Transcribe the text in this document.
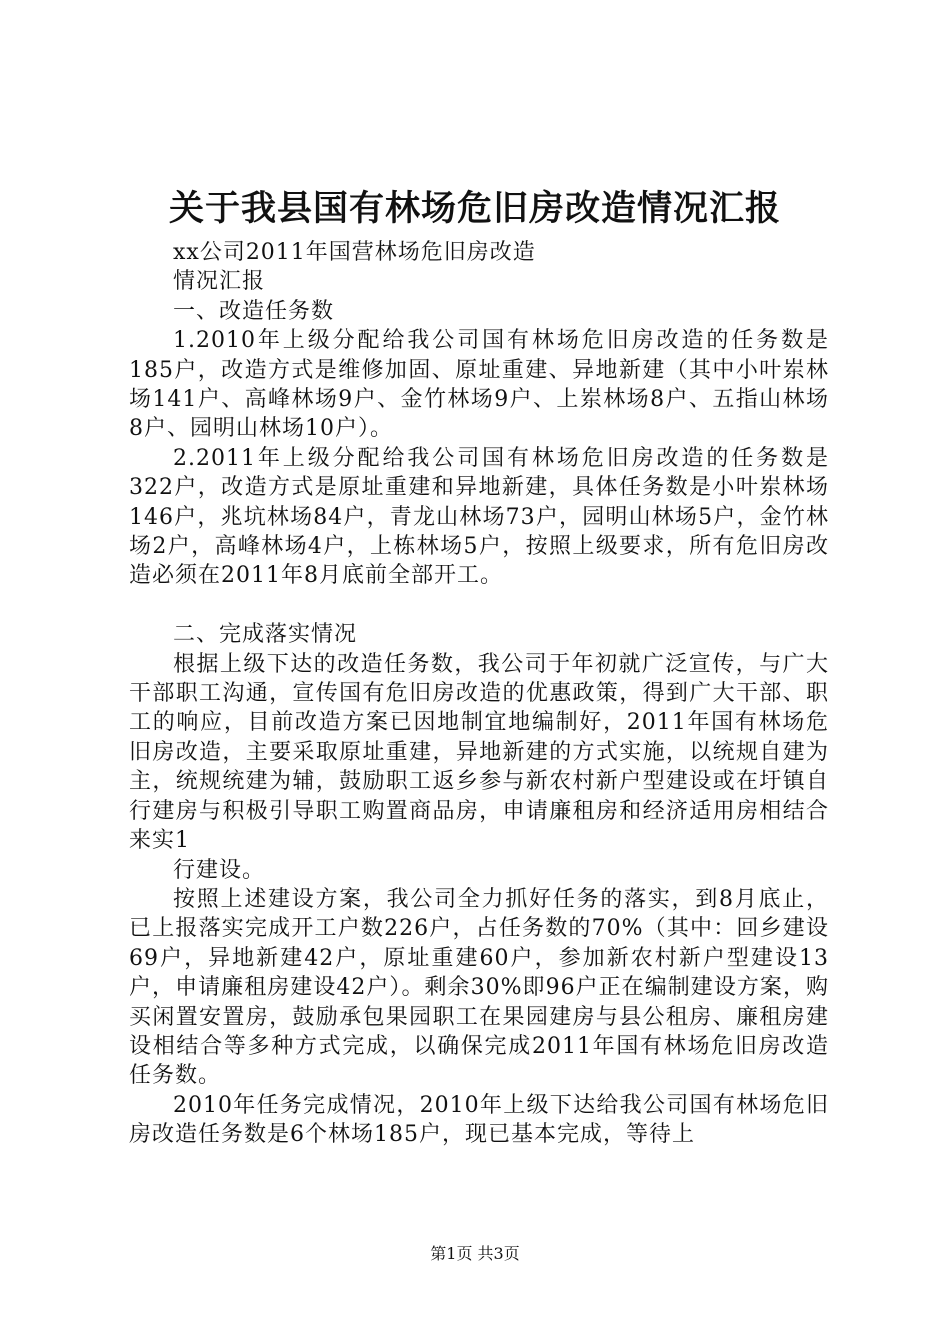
关于我县国有林场危旧房改造情况汇报

xx公司2011年国营林场危旧房改造

情况汇报

一、改造任务数

1.2010年上级分配给我公司国有林场危旧房改造的任务数是185户，改造方式是维修加固、原址重建、异地新建（其中小叶岽林场141户、高峰林场9户、金竹林场9户、上岽林场8户、五指山林场8户、园明山林场10户）。

2.2011年上级分配给我公司国有林场危旧房改造的任务数是322户，改造方式是原址重建和异地新建，具体任务数是小叶岽林场146户，兆坑林场84户，青龙山林场73户，园明山林场5户，金竹林场2户，高峰林场4户，上栋林场5户，按照上级要求，所有危旧房改造必须在2011年8月底前全部开工。

二、完成落实情况

根据上级下达的改造任务数，我公司于年初就广泛宣传，与广大干部职工沟通，宣传国有危旧房改造的优惠政策，得到广大干部、职工的响应，目前改造方案已因地制宜地编制好，2011年国有林场危旧房改造，主要采取原址重建，异地新建的方式实施，以统规自建为主，统规统建为辅，鼓励职工返乡参与新农村新户型建设或在圩镇自行建房与积极引导职工购置商品房，申请廉租房和经济适用房相结合来实1

行建设。

按照上述建设方案，我公司全力抓好任务的落实，到8月底止，已上报落实完成开工户数226户，占任务数的70%（其中：回乡建设69户，异地新建42户，原址重建60户，参加新农村新户型建设13户，申请廉租房建设42户）。剩余30%即96户正在编制建设方案，购买闲置安置房，鼓励承包果园职工在果园建房与县公租房、廉租房建设相结合等多种方式完成，以确保完成2011年国有林场危旧房改造任务数。

2010年任务完成情况，2010年上级下达给我公司国有林场危旧房改造任务数是6个林场185户，现已基本完成，等待上

第1页 共3页
